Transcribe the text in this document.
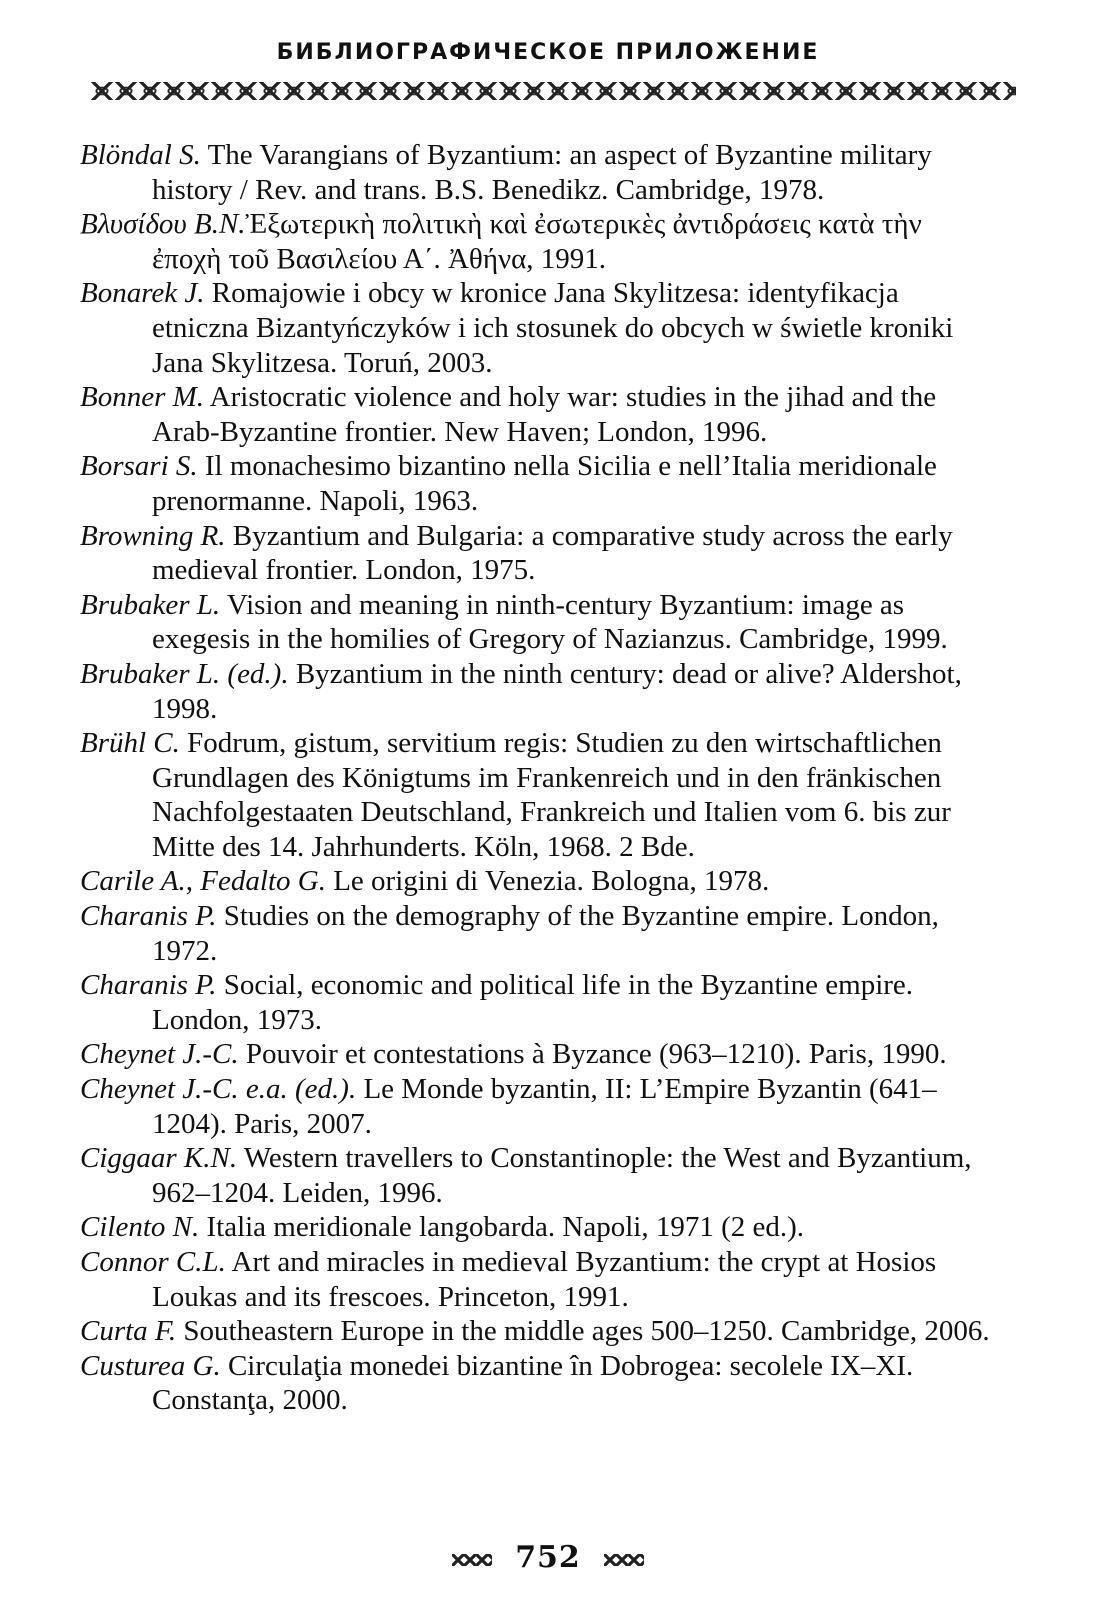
БИБЛИОГРАФИЧЕСКОЕ ПРИЛОЖЕНИЕ

Blöndal S. The Varangians of Byzantium: an aspect of Byzantine military history / Rev. and trans. B.S. Benedikz. Cambridge, 1978.

Βλυσίδου Β.Ν.Ἐξωτερικὴ πολιτικὴ καὶ ἐσωτερικὲς ἀντιδράσεις κατὰ τὴν ἐποχὴ τοῦ Βασιλείου Α΄. Ἀθήνα, 1991.

Bonarek J. Romajowie i obcy w kronice Jana Skylitzesa: identyfikacja etniczna Bizantyńczyków i ich stosunek do obcych w świetle kroniki Jana Skylitzesa. Toruń, 2003.

Bonner M. Aristocratic violence and holy war: studies in the jihad and the Arab-Byzantine frontier. New Haven; London, 1996.

Borsari S. Il monachesimo bizantino nella Sicilia e nell’Italia meridionale prenormanne. Napoli, 1963.

Browning R. Byzantium and Bulgaria: a comparative study across the early medieval frontier. London, 1975.

Brubaker L. Vision and meaning in ninth-century Byzantium: image as exegesis in the homilies of Gregory of Nazianzus. Cambridge, 1999.

Brubaker L. (ed.). Byzantium in the ninth century: dead or alive? Aldershot, 1998.

Brühl C. Fodrum, gistum, servitium regis: Studien zu den wirtschaftlichen Grundlagen des Königtums im Frankenreich und in den fränkischen Nachfolgestaaten Deutschland, Frankreich und Italien vom 6. bis zur Mitte des 14. Jahrhunderts. Köln, 1968. 2 Bde.

Carile A., Fedalto G. Le origini di Venezia. Bologna, 1978.

Charanis P. Studies on the demography of the Byzantine empire. London, 1972.

Charanis P. Social, economic and political life in the Byzantine empire. London, 1973.

Cheynet J.-C. Pouvoir et contestations à Byzance (963–1210). Paris, 1990.

Cheynet J.-C. e.a. (ed.). Le Monde byzantin, II: L’Empire Byzantin (641–1204). Paris, 2007.

Ciggaar K.N. Western travellers to Constantinople: the West and Byzantium, 962–1204. Leiden, 1996.

Cilento N. Italia meridionale langobarda. Napoli, 1971 (2 ed.).

Connor C.L. Art and miracles in medieval Byzantium: the crypt at Hosios Loukas and its frescoes. Princeton, 1991.

Curta F. Southeastern Europe in the middle ages 500–1250. Cambridge, 2006.

Custurea G. Circulaţia monedei bizantine în Dobrogea: secolele IX–XI. Constanţa, 2000.

752
